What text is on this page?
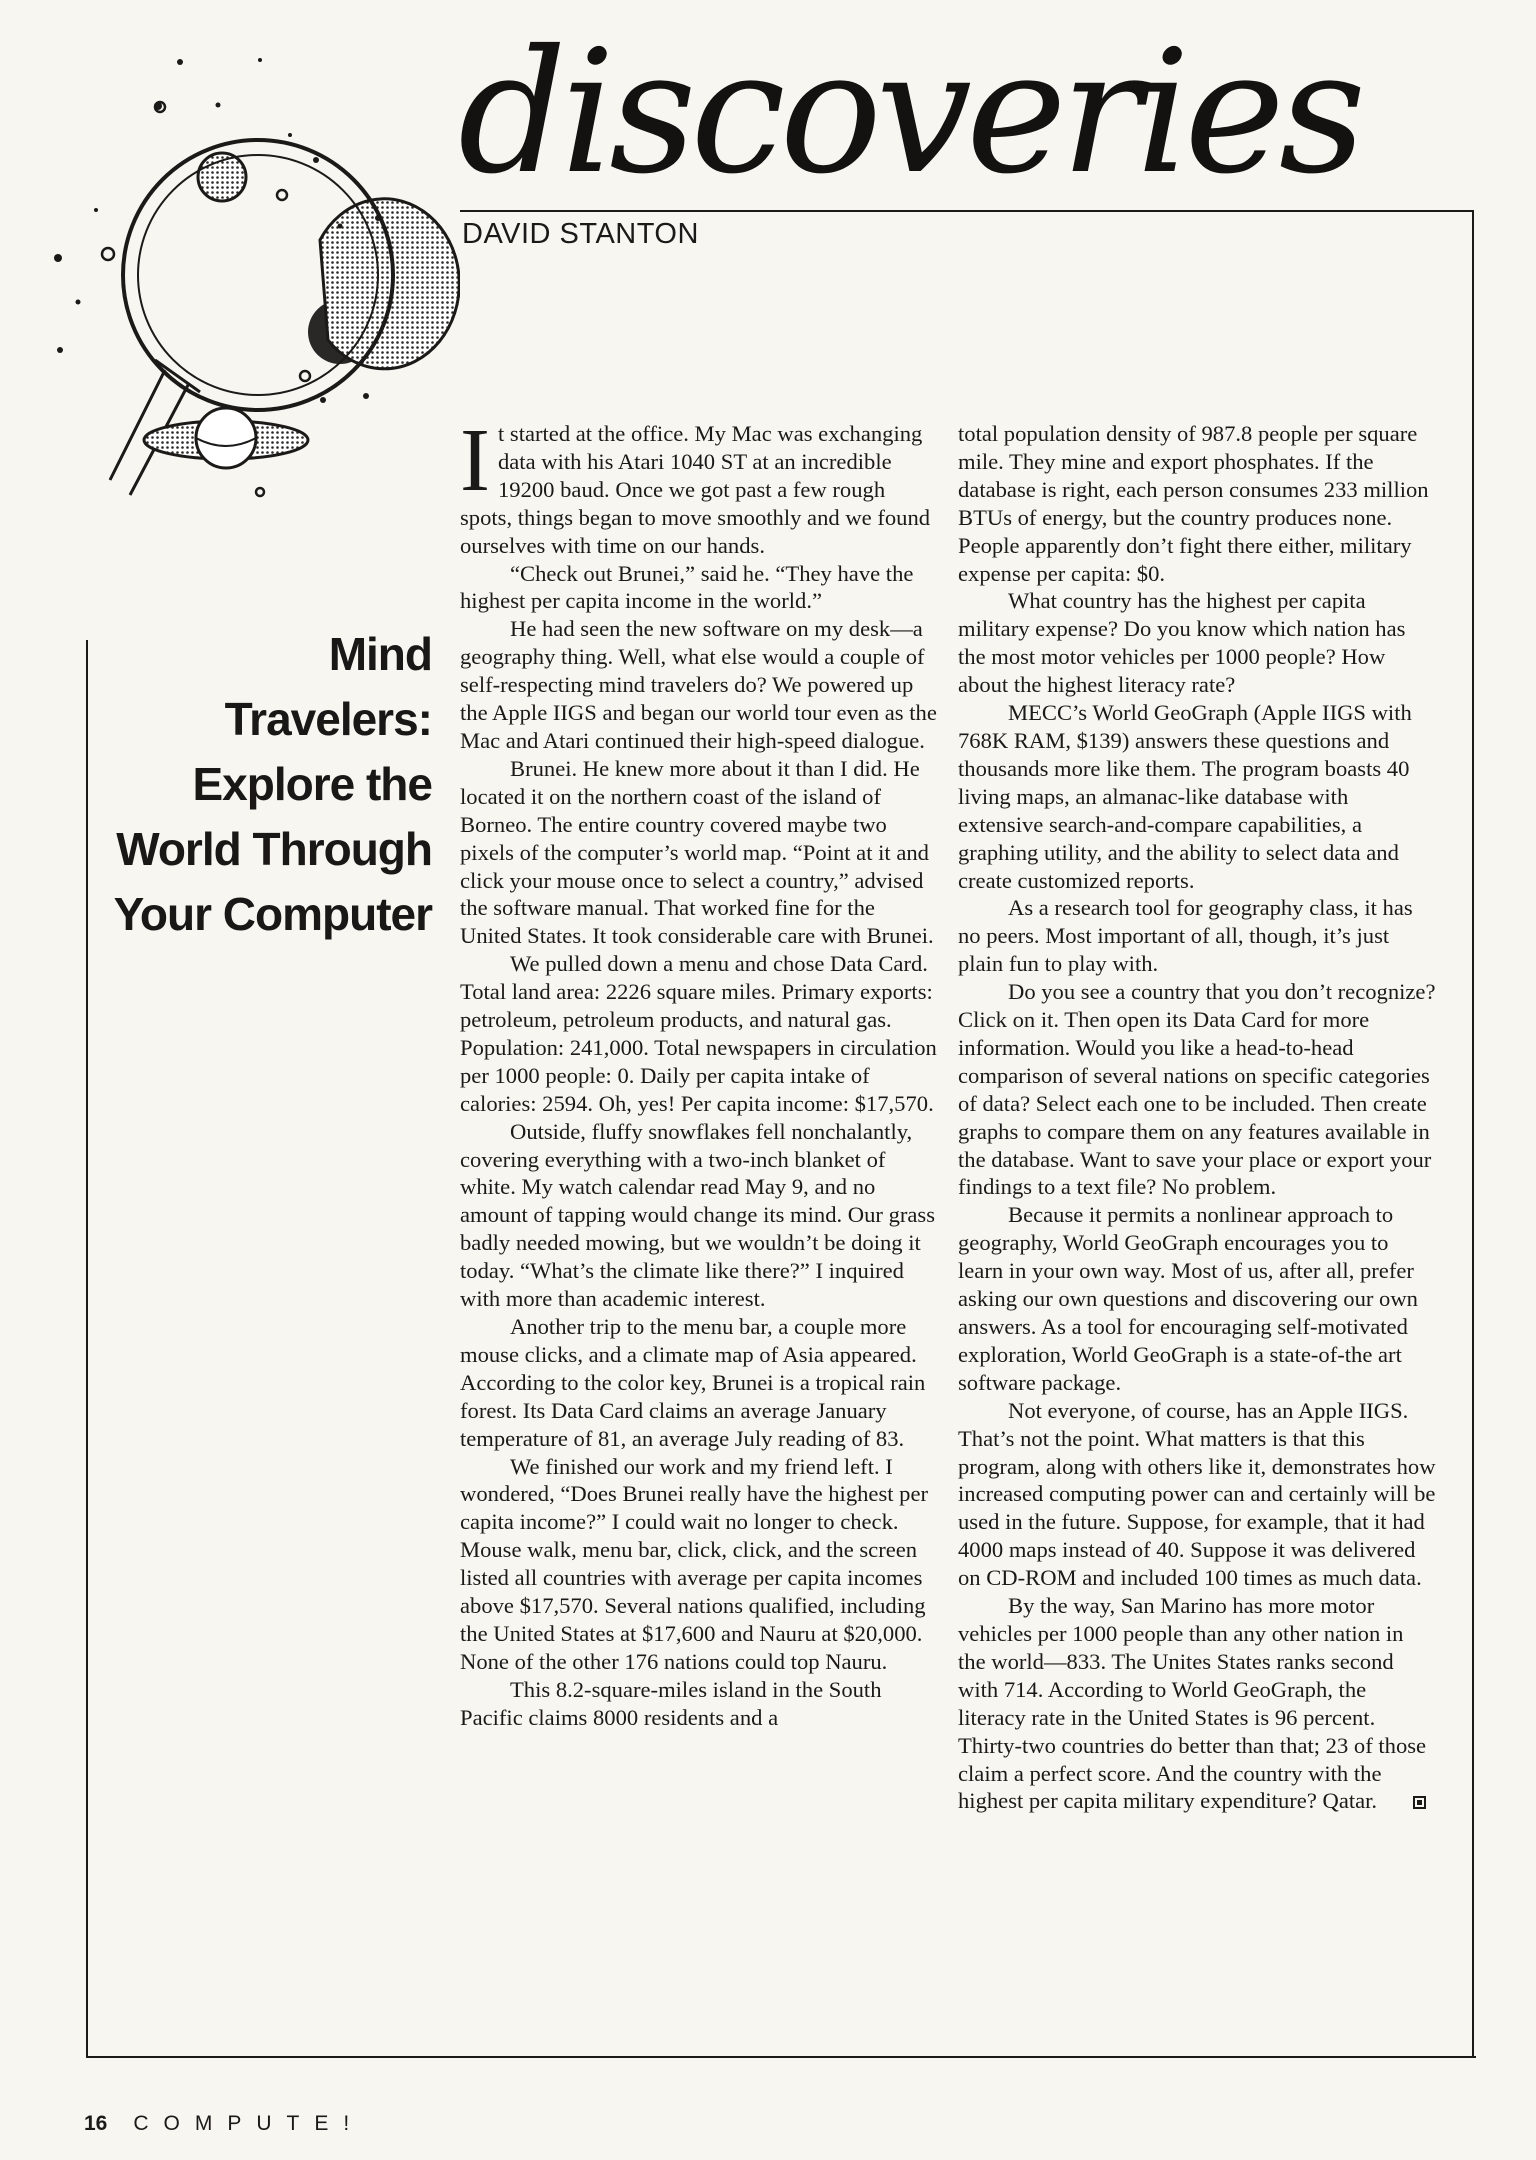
discoveries
DAVID STANTON
Mind
Travelers:
Explore the
World Through
Your Computer

It started at the office. My Mac was exchanging data with his Atari 1040 ST at an incredible 19200 baud. Once we got past a few rough spots, things began to move smoothly and we found ourselves with time on our hands.

“Check out Brunei,” said he. “They have the highest per capita income in the world.”

He had seen the new software on my desk—a geography thing. Well, what else would a couple of self-respecting mind travelers do? We powered up the Apple IIGS and began our world tour even as the Mac and Atari continued their high-speed dialogue.

Brunei. He knew more about it than I did. He located it on the northern coast of the island of Borneo. The entire country covered maybe two pixels of the computer’s world map. “Point at it and click your mouse once to select a country,” advised the software manual. That worked fine for the United States. It took considerable care with Brunei.

We pulled down a menu and chose Data Card. Total land area: 2226 square miles. Primary exports: petroleum, petroleum products, and natural gas. Population: 241,000. Total newspapers in circulation per 1000 people: 0. Daily per capita intake of calories: 2594. Oh, yes! Per capita income: $17,570.

Outside, fluffy snowflakes fell nonchalantly, covering everything with a two-inch blanket of white. My watch calendar read May 9, and no amount of tapping would change its mind. Our grass badly needed mowing, but we wouldn’t be doing it today. “What’s the climate like there?” I inquired with more than academic interest.

Another trip to the menu bar, a couple more mouse clicks, and a climate map of Asia appeared. According to the color key, Brunei is a tropical rain forest. Its Data Card claims an average January temperature of 81, an average July reading of 83.

We finished our work and my friend left. I wondered, “Does Brunei really have the highest per capita income?” I could wait no longer to check. Mouse walk, menu bar, click, click, and the screen listed all countries with average per capita incomes above $17,570. Several nations qualified, including the United States at $17,600 and Nauru at $20,000. None of the other 176 nations could top Nauru.

This 8.2-square-miles island in the South Pacific claims 8000 residents and a

total population density of 987.8 people per square mile. They mine and export phosphates. If the database is right, each person consumes 233 million BTUs of energy, but the country produces none. People apparently don’t fight there either, military expense per capita: $0.

What country has the highest per capita military expense? Do you know which nation has the most motor vehicles per 1000 people? How about the highest literacy rate?

MECC’s World GeoGraph (Apple IIGS with 768K RAM, $139) answers these questions and thousands more like them. The program boasts 40 living maps, an almanac-like database with extensive search-and-compare capabilities, a graphing utility, and the ability to select data and create customized reports.

As a research tool for geography class, it has no peers. Most important of all, though, it’s just plain fun to play with.

Do you see a country that you don’t recognize? Click on it. Then open its Data Card for more information. Would you like a head-to-head comparison of several nations on specific categories of data? Select each one to be included. Then create graphs to compare them on any features available in the database. Want to save your place or export your findings to a text file? No problem.

Because it permits a nonlinear approach to geography, World GeoGraph encourages you to learn in your own way. Most of us, after all, prefer asking our own questions and discovering our own answers. As a tool for encouraging self-motivated exploration, World GeoGraph is a state-of-the art software package.

Not everyone, of course, has an Apple IIGS. That’s not the point. What matters is that this program, along with others like it, demonstrates how increased computing power can and certainly will be used in the future. Suppose, for example, that it had 4000 maps instead of 40. Suppose it was delivered on CD-ROM and included 100 times as much data.

By the way, San Marino has more motor vehicles per 1000 people than any other nation in the world—833. The Unites States ranks second with 714. According to World GeoGraph, the literacy rate in the United States is 96 percent. Thirty-two countries do better than that; 23 of those claim a perfect score. And the country with the highest per capita military expenditure? Qatar.

16 COMPUTE!
